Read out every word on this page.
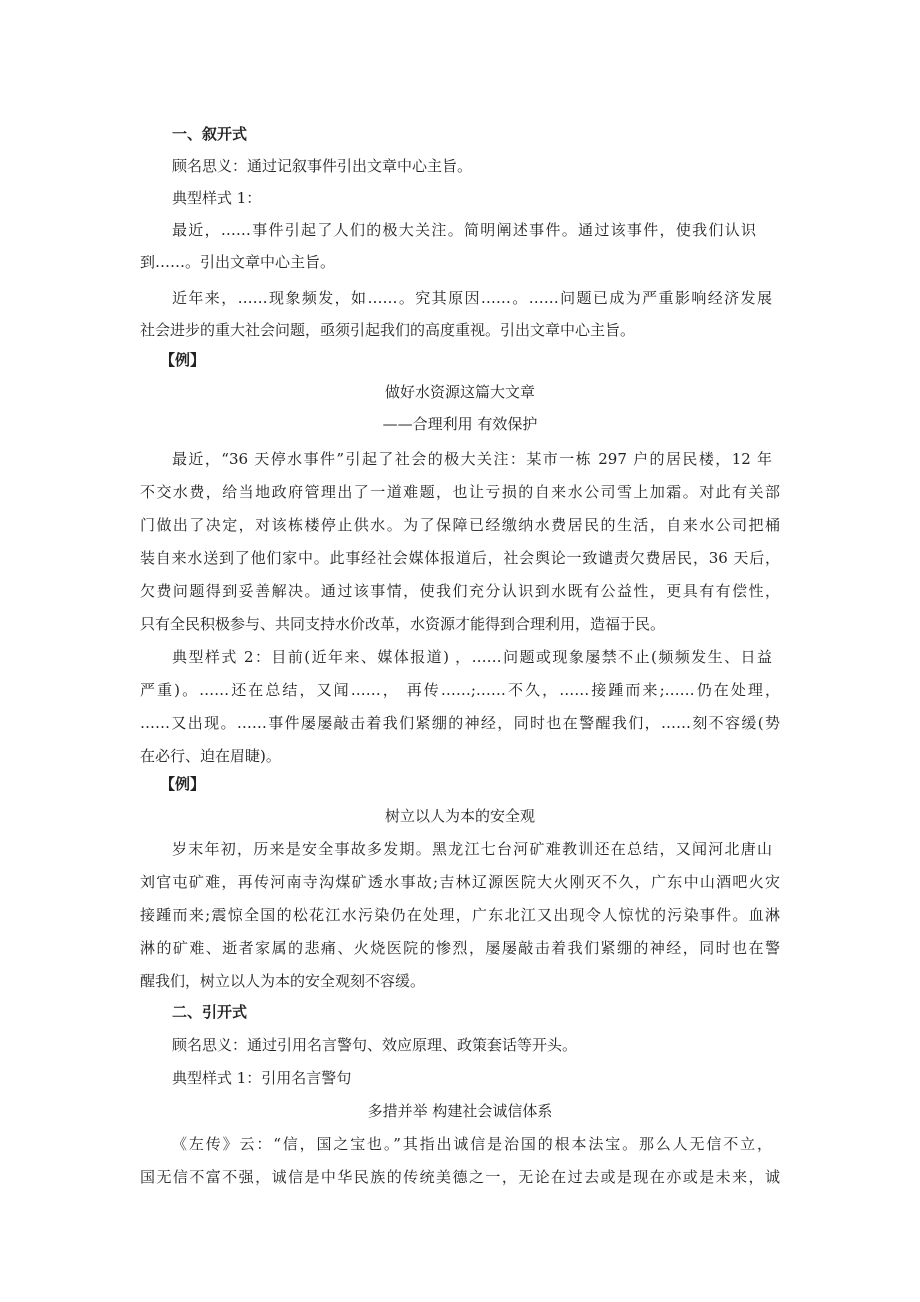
一、叙开式
顾名思义：通过记叙事件引出文章中心主旨。
典型样式 1：
最近，……事件引起了人们的极大关注。简明阐述事件。通过该事件，使我们认识
到……。引出文章中心主旨。
近年来，……现象频发，如……。究其原因……。……问题已成为严重影响经济发展
社会进步的重大社会问题，亟须引起我们的高度重视。引出文章中心主旨。
【例】
做好水资源这篇大文章
——合理利用 有效保护
最近，“36 天停水事件”引起了社会的极大关注：某市一栋 297 户的居民楼，12 年
不交水费，给当地政府管理出了一道难题，也让亏损的自来水公司雪上加霜。对此有关部
门做出了决定，对该栋楼停止供水。为了保障已经缴纳水费居民的生活，自来水公司把桶
装自来水送到了他们家中。此事经社会媒体报道后，社会舆论一致谴责欠费居民，36 天后，
欠费问题得到妥善解决。通过该事情，使我们充分认识到水既有公益性，更具有有偿性，
只有全民积极参与、共同支持水价改革，水资源才能得到合理利用，造福于民。
典型样式 2：目前(近年来、媒体报道) ，……问题或现象屡禁不止(频频发生、日益
严重)。……还在总结，又闻……， 再传……;……不久，……接踵而来;……仍在处理，
……又出现。……事件屡屡敲击着我们紧绷的神经，同时也在警醒我们，……刻不容缓(势
在必行、迫在眉睫)。
【例】
树立以人为本的安全观
岁末年初，历来是安全事故多发期。黑龙江七台河矿难教训还在总结，又闻河北唐山
刘官屯矿难，再传河南寺沟煤矿透水事故;吉林辽源医院大火刚灭不久，广东中山酒吧火灾
接踵而来;震惊全国的松花江水污染仍在处理，广东北江又出现令人惊忧的污染事件。血淋
淋的矿难、逝者家属的悲痛、火烧医院的惨烈，屡屡敲击着我们紧绷的神经，同时也在警
醒我们，树立以人为本的安全观刻不容缓。
二、引开式
顾名思义：通过引用名言警句、效应原理、政策套话等开头。
典型样式 1：引用名言警句
多措并举 构建社会诚信体系
《左传》云：“信，国之宝也。”其指出诚信是治国的根本法宝。那么人无信不立，
国无信不富不强，诚信是中华民族的传统美德之一，无论在过去或是现在亦或是未来，诚
